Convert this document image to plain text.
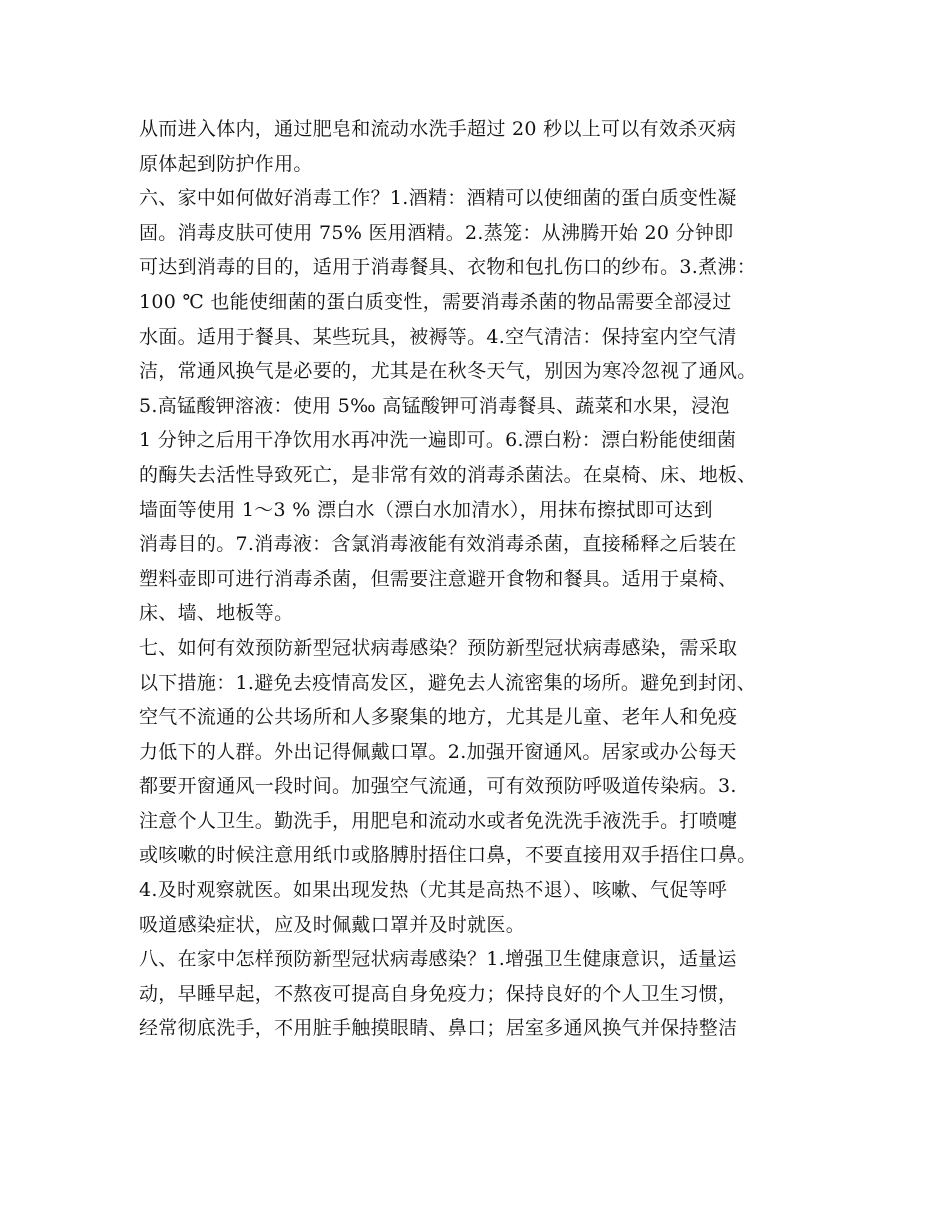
从而进入体内，通过肥皂和流动水洗手超过 20 秒以上可以有效杀灭病
原体起到防护作用。
六、家中如何做好消毒工作？1.酒精：酒精可以使细菌的蛋白质变性凝
固。消毒皮肤可使用 75% 医用酒精。2.蒸笼：从沸腾开始 20 分钟即
可达到消毒的目的，适用于消毒餐具、衣物和包扎伤口的纱布。3.煮沸：
100 ℃ 也能使细菌的蛋白质变性，需要消毒杀菌的物品需要全部浸过
水面。适用于餐具、某些玩具，被褥等。4.空气清洁：保持室内空气清
洁，常通风换气是必要的，尤其是在秋冬天气，别因为寒冷忽视了通风。
5.高锰酸钾溶液：使用 5‰ 高锰酸钾可消毒餐具、蔬菜和水果，浸泡
1 分钟之后用干净饮用水再冲洗一遍即可。6.漂白粉：漂白粉能使细菌
的酶失去活性导致死亡，是非常有效的消毒杀菌法。在桌椅、床、地板、
墙面等使用 1～3 % 漂白水（漂白水加清水），用抹布擦拭即可达到
消毒目的。7.消毒液：含氯消毒液能有效消毒杀菌，直接稀释之后装在
塑料壶即可进行消毒杀菌，但需要注意避开食物和餐具。适用于桌椅、
床、墙、地板等。
七、如何有效预防新型冠状病毒感染？预防新型冠状病毒感染，需采取
以下措施：1.避免去疫情高发区，避免去人流密集的场所。避免到封闭、
空气不流通的公共场所和人多聚集的地方，尤其是儿童、老年人和免疫
力低下的人群。外出记得佩戴口罩。2.加强开窗通风。居家或办公每天
都要开窗通风一段时间。加强空气流通，可有效预防呼吸道传染病。3.
注意个人卫生。勤洗手，用肥皂和流动水或者免洗洗手液洗手。打喷嚏
或咳嗽的时候注意用纸巾或胳膊肘捂住口鼻，不要直接用双手捂住口鼻。
4.及时观察就医。如果出现发热（尤其是高热不退）、咳嗽、气促等呼
吸道感染症状，应及时佩戴口罩并及时就医。
八、在家中怎样预防新型冠状病毒感染？1.增强卫生健康意识，适量运
动，早睡早起，不熬夜可提高自身免疫力；保持良好的个人卫生习惯，
经常彻底洗手，不用脏手触摸眼睛、鼻口；居室多通风换气并保持整洁
